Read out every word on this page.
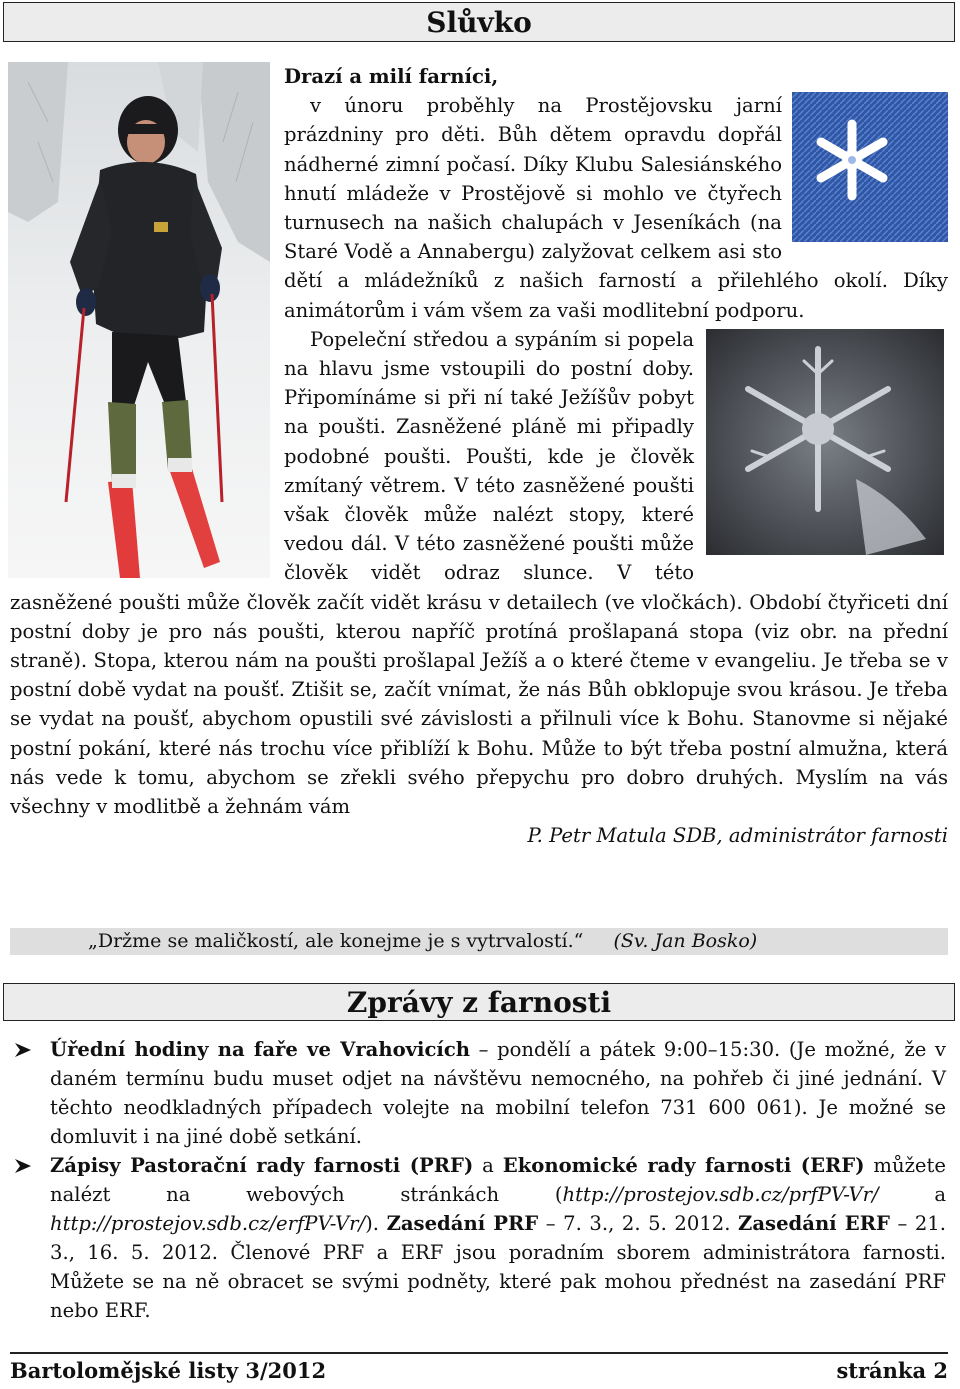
Slůvko

Drazí a milí farníci,

v únoru proběhly na Prostějovsku jarní prázdniny pro děti. Bůh dětem opravdu dopřál nádherné zimní počasí. Díky Klubu Salesiánského hnutí mládeže v Prostějově si mohlo ve čtyřech turnusech na našich chalupách v Jeseníkách (na Staré Vodě a Annabergu) zalyžovat celkem asi sto dětí a mládežníků z našich farností a přilehlého okolí. Díky animátorům i vám všem za vaši modlitební podporu.

Popeleční středou a sypáním si popela na hlavu jsme vstoupili do postní doby. Připomínáme si při ní také Ježíšův pobyt na poušti. Zasněžené pláně mi připadly podobné poušti. Poušti, kde je člověk zmítaný větrem. V této zasněžené poušti však člověk může nalézt stopy, které vedou dál. V této zasněžené poušti může člověk vidět odraz slunce. V této zasněžené poušti může člověk začít vidět krásu v detailech (ve vločkách). Období čtyřiceti dní postní doby je pro nás poušti, kterou napříč protíná prošlapaná stopa (viz obr. na přední straně). Stopa, kterou nám na poušti prošlapal Ježíš a o které čteme v evangeliu. Je třeba se v postní době vydat na poušť. Ztišit se, začít vnímat, že nás Bůh obklopuje svou krásou. Je třeba se vydat na poušť, abychom opustili své závislosti a přilnuli více k Bohu. Stanovme si nějaké postní pokání, které nás trochu více přiblíží k Bohu. Může to být třeba postní almužna, která nás vede k tomu, abychom se zřekli svého přepychu pro dobro druhých. Myslím na vás všechny v modlitbě a žehnám vám

P. Petr Matula SDB, administrátor farnosti

„Držme se maličkostí, ale konejme je s vytrvalostí.“ (Sv. Jan Bosko)
Zprávy z farnosti
Úřední hodiny na faře ve Vrahovicích – pondělí a pátek 9:00–15:30. (Je možné, že v daném termínu budu muset odjet na návštěvu nemocného, na pohřeb či jiné jednání. V těchto neodkladných případech volejte na mobilní telefon 731 600 061). Je možné se domluvit i na jiné době setkání.
Zápisy Pastorační rady farnosti (PRF) a Ekonomické rady farnosti (ERF) můžete nalézt na webových stránkách (http://prostejov.sdb.cz/prfPV-Vr/ a http://prostejov.sdb.cz/erfPV-Vr/). Zasedání PRF – 7. 3., 2. 5. 2012. Zasedání ERF – 21. 3., 16. 5. 2012. Členové PRF a ERF jsou poradním sborem administrátora farnosti. Můžete se na ně obracet se svými podněty, které pak mohou přednést na zasedání PRF nebo ERF.
Bartolomějské listy 3/2012	stránka 2
